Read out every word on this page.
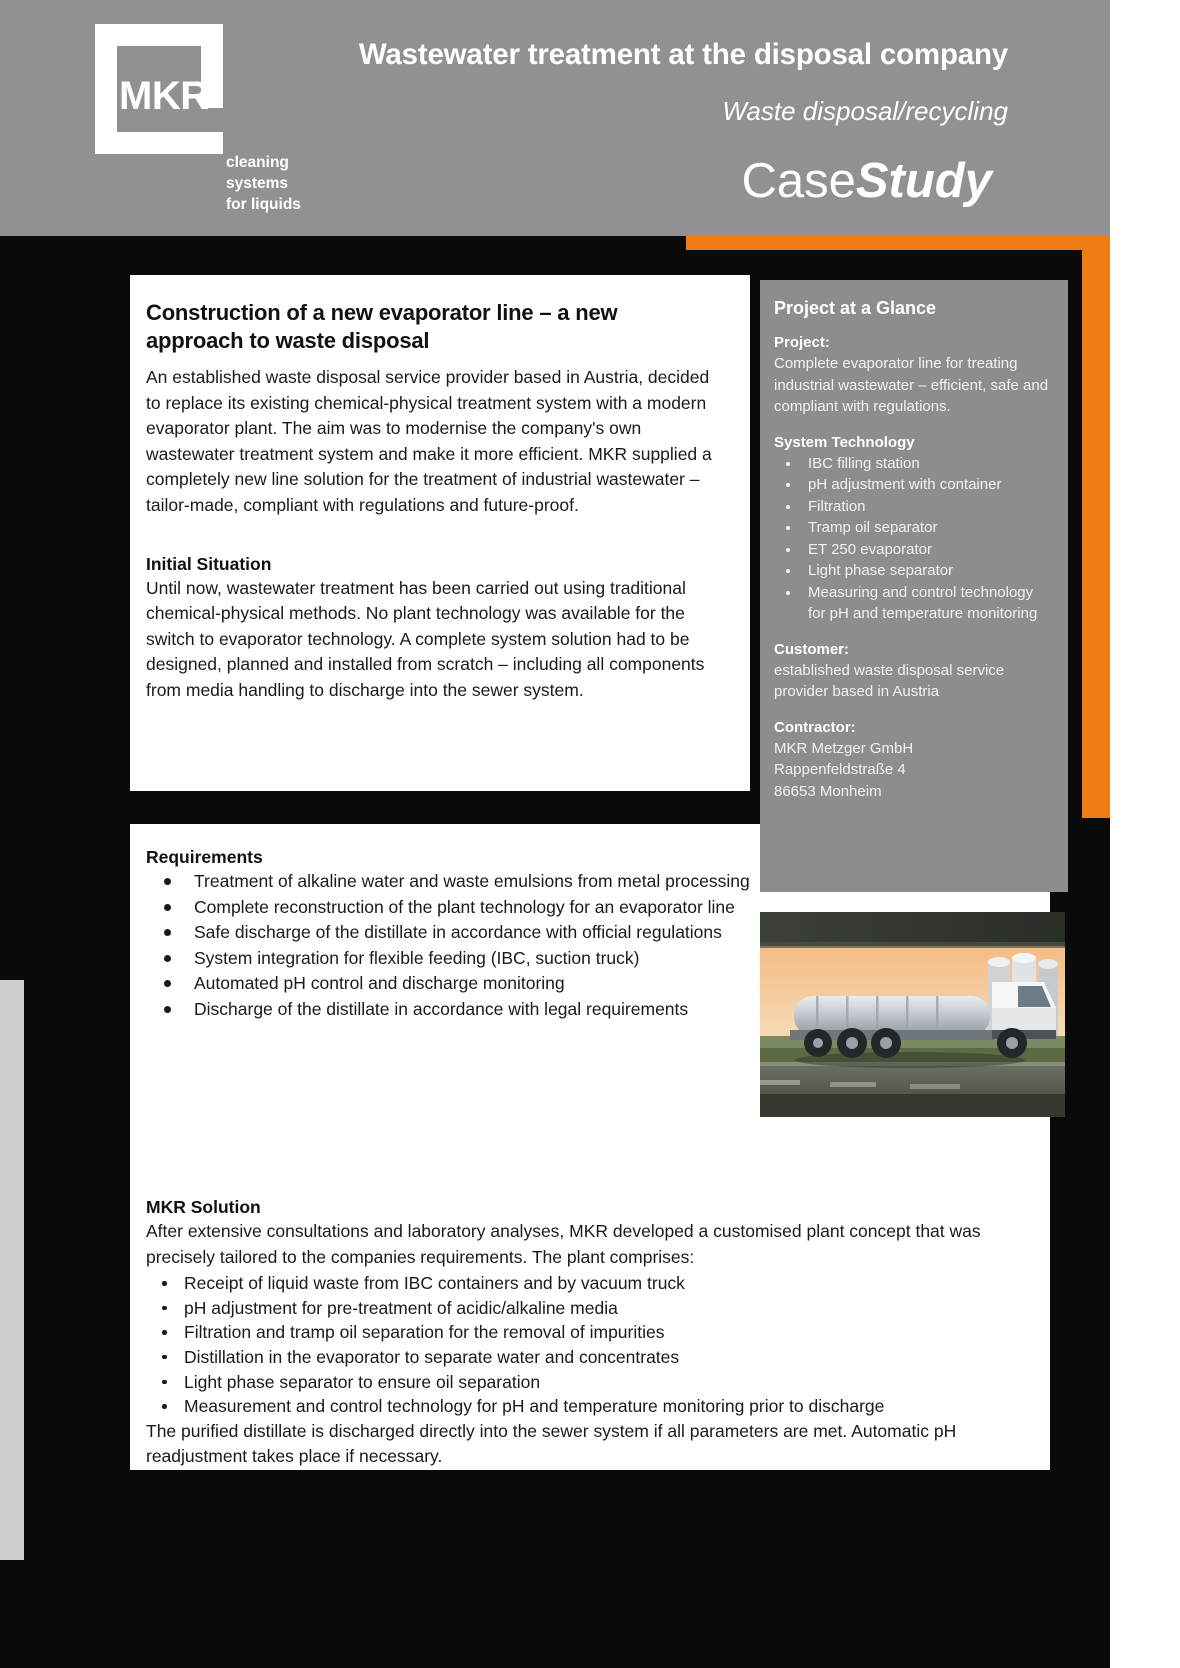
MKR
cleaning
systems
for liquids
Wastewater treatment at the disposal company
Waste disposal/recycling
CaseStudy
Construction of a new evaporator line – a new approach to waste disposal

An established waste disposal service provider based in Austria, decided to replace its existing chemical-physical treatment system with a modern evaporator plant. The aim was to modernise the company's own wastewater treatment system and make it more efficient. MKR supplied a completely new line solution for the treatment of industrial wastewater – tailor-made, compliant with regulations and future-proof.

Initial Situation

Until now, wastewater treatment has been carried out using traditional chemical-physical methods. No plant technology was available for the switch to evaporator technology. A complete system solution had to be designed, planned and installed from scratch – including all components from media handling to discharge into the sewer system.

Requirements
Treatment of alkaline water and waste emulsions from metal processing
Complete reconstruction of the plant technology for an evaporator line
Safe discharge of the distillate in accordance with official regulations
System integration for flexible feeding (IBC, suction truck)
Automated pH control and discharge monitoring
Discharge of the distillate in accordance with legal requirements
MKR Solution

After extensive consultations and laboratory analyses, MKR developed a customised plant concept that was precisely tailored to the companies requirements. The plant comprises:

Receipt of liquid waste from IBC containers and by vacuum truck
pH adjustment for pre-treatment of acidic/alkaline media
Filtration and tramp oil separation for the removal of impurities
Distillation in the evaporator to separate water and concentrates
Light phase separator to ensure oil separation
Measurement and control technology for pH and temperature monitoring prior to discharge

The purified distillate is discharged directly into the sewer system if all parameters are met. Automatic pH readjustment takes place if necessary.

Project at a Glance
Project:
Complete evaporator line for treating industrial wastewater – efficient, safe and compliant with regulations.
System Technology
IBC filling station
pH adjustment with container
Filtration
Tramp oil separator
ET 250 evaporator
Light phase separator
Measuring and control technology for pH and temperature monitoring
Customer:
established waste disposal service provider based in Austria
Contractor:
MKR Metzger GmbH
Rappenfeldstraße 4
86653 Monheim
